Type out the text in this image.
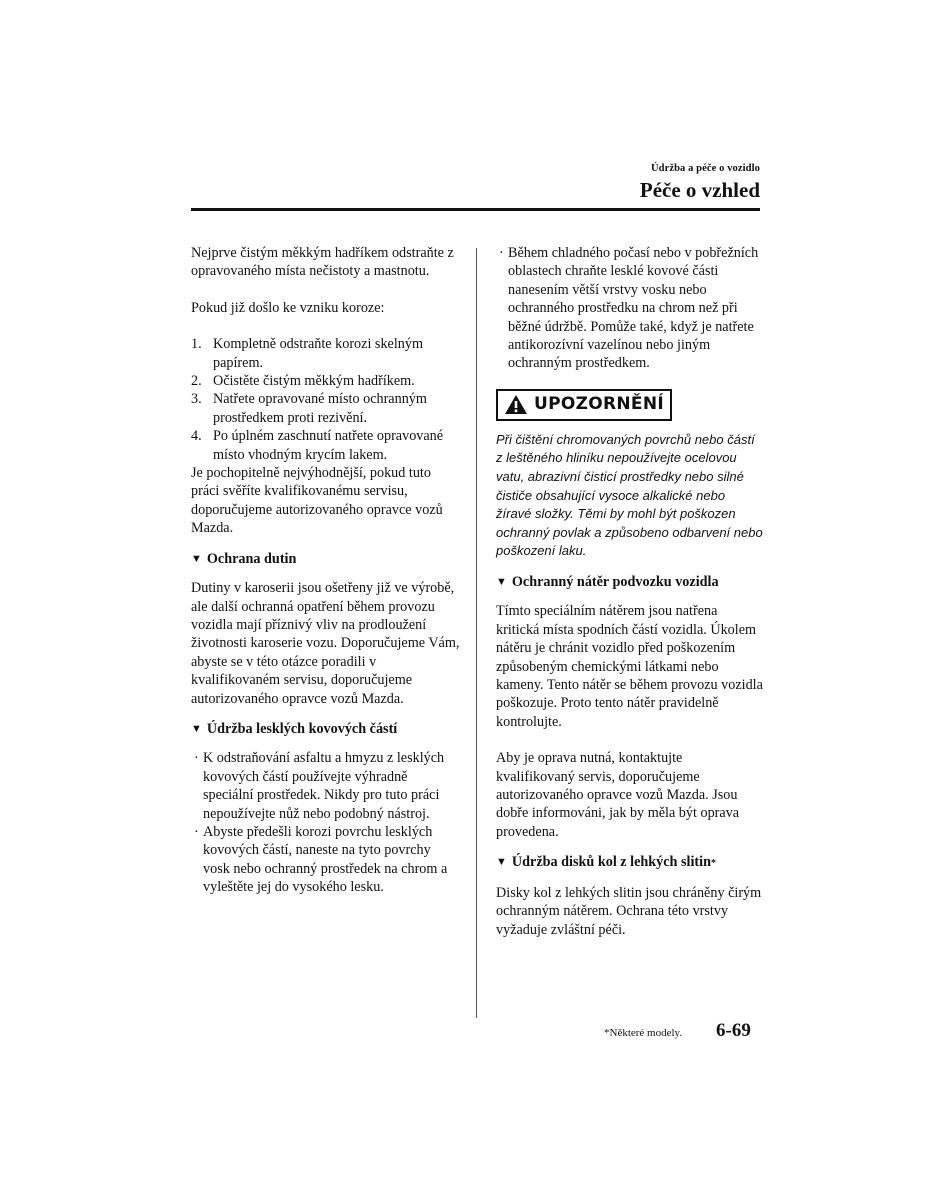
Údržba a péče o vozidlo
Péče o vzhled

Nejprve čistým měkkým hadříkem odstraňte z opravovaného místa nečistoty a mastnotu.

Pokud již došlo ke vzniku koroze:

1. Kompletně odstraňte korozi skelným papírem.
2. Očistěte čistým měkkým hadříkem.
3. Natřete opravované místo ochranným prostředkem proti rezivění.
4. Po úplném zaschnutí natřete opravované místo vhodným krycím lakem.

Je pochopitelně nejvýhodnější, pokud tuto práci svěříte kvalifikovanému servisu, doporučujeme autorizovaného opravce vozů Mazda.

▼ Ochrana dutin

Dutiny v karoserii jsou ošetřeny již ve výrobě, ale další ochranná opatření během provozu vozidla mají příznivý vliv na prodloužení životnosti karoserie vozu. Doporučujeme Vám, abyste se v této otázce poradili v kvalifikovaném servisu, doporučujeme autorizovaného opravce vozů Mazda.

▼ Údržba lesklých kovových částí
· K odstraňování asfaltu a hmyzu z lesklých kovových částí používejte výhradně speciální prostředek. Nikdy pro tuto práci nepoužívejte nůž nebo podobný nástroj.
· Abyste předešli korozi povrchu lesklých kovových částí, naneste na tyto povrchy vosk nebo ochranný prostředek na chrom a vyleštěte jej do vysokého lesku.
· Během chladného počasí nebo v pobřežních oblastech chraňte lesklé kovové části nanesením větší vrstvy vosku nebo ochranného prostředku na chrom než při běžné údržbě. Pomůže také, když je natřete antikorozívní vazelínou nebo jiným ochranným prostředkem.
UPOZORNĚNÍ

Při čištění chromovaných povrchů nebo částí z leštěného hliníku nepoužívejte ocelovou vatu, abrazivní čisticí prostředky nebo silné čističe obsahující vysoce alkalické nebo žíravé složky. Těmi by mohl být poškozen ochranný povlak a způsobeno odbarvení nebo poškození laku.

▼ Ochranný nátěr podvozku vozidla

Tímto speciálním nátěrem jsou natřena kritická místa spodních částí vozidla. Úkolem nátěru je chránit vozidlo před poškozením způsobeným chemickými látkami nebo kameny. Tento nátěr se během provozu vozidla poškozuje. Proto tento nátěr pravidelně kontrolujte.

Aby je oprava nutná, kontaktujte kvalifikovaný servis, doporučujeme autorizovaného opravce vozů Mazda. Jsou dobře informováni, jak by měla být oprava provedena.

▼ Údržba disků kol z lehkých slitin *

Disky kol z lehkých slitin jsou chráněny čirým ochranným nátěrem. Ochrana této vrstvy vyžaduje zvláštní péči.

*Některé modely. 6-69
